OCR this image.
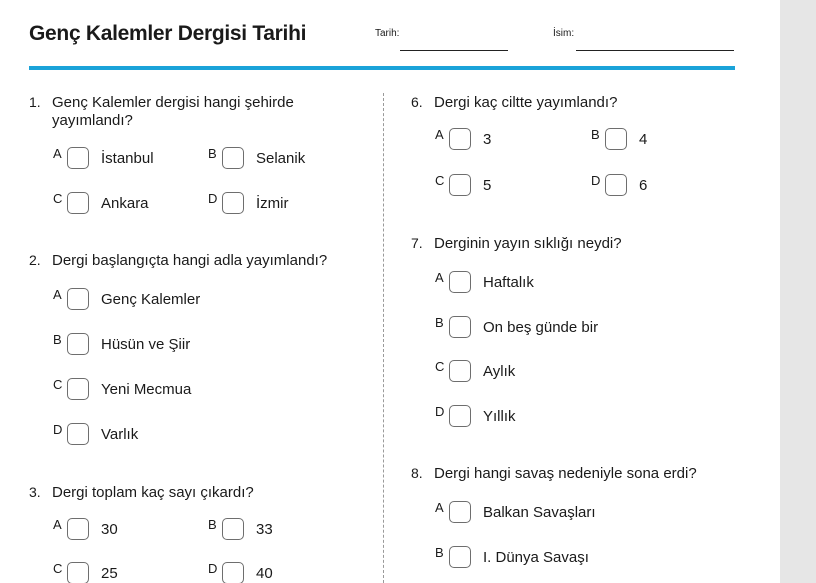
Genç Kalemler Dergisi Tarihi	Tarih:	İsim:
1. Genç Kalemler dergisi hangi şehirde
yayımlandı?
A	İstanbul	B	Selanik
C	Ankara	D	İzmir
2. Dergi başlangıçta hangi adla yayımlandı?
A	Genç Kalemler
B	Hüsün ve Şiir
C	Yeni Mecmua
D	Varlık
3. Dergi toplam kaç sayı çıkardı?
A	30	B	33
C	25	D	40
6. Dergi kaç ciltte yayımlandı?
A	3	B	4
C	5	D	6
7. Derginin yayın sıklığı neydi?
A	Haftalık
B	On beş günde bir
C	Aylık
D	Yıllık
8. Dergi hangi savaş nedeniyle sona erdi?
A	Balkan Savaşları
B	I. Dünya Savaşı
